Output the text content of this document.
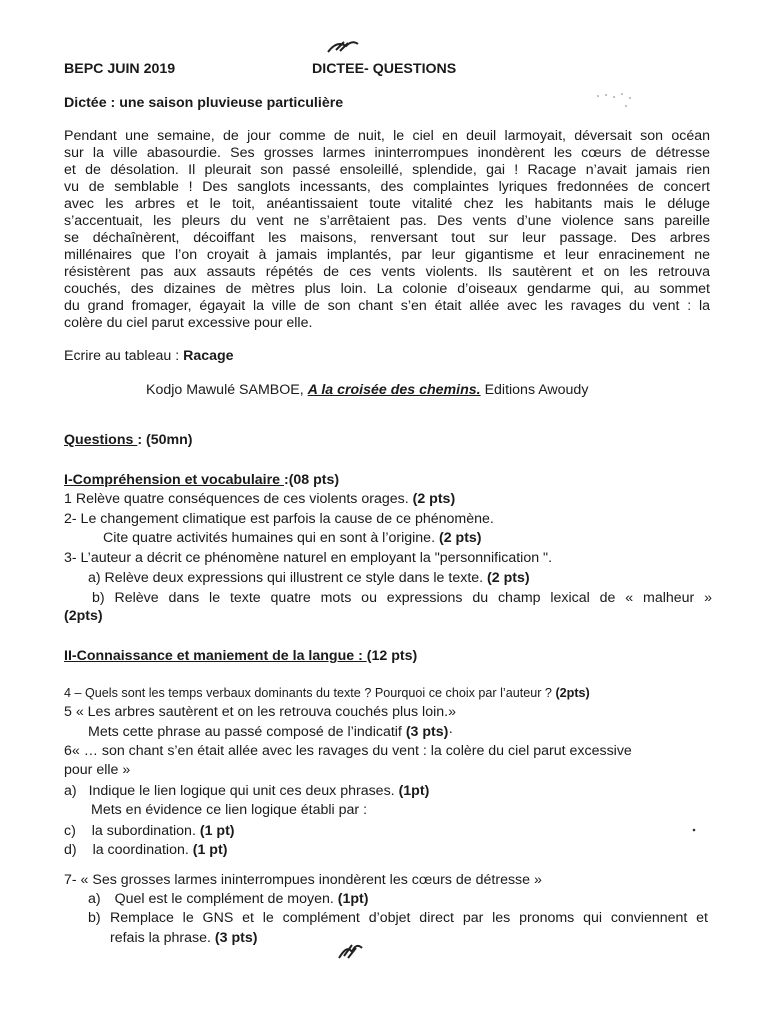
BEPC JUIN 2019	DICTEE- QUESTIONS
Dictée : une saison pluvieuse particulière
Pendant une semaine, de jour comme de nuit, le ciel en deuil larmoyait, déversait son océan
sur la ville abasourdie. Ses grosses larmes ininterrompues inondèrent les cœurs de détresse
et de désolation. Il pleurait son passé ensoleillé, splendide, gai ! Racage n’avait jamais rien
vu de semblable ! Des sanglots incessants, des complaintes lyriques fredonnées de concert
avec les arbres et le toit, anéantissaient toute vitalité chez les habitants mais le déluge
s’accentuait, les pleurs du vent ne s’arrêtaient pas. Des vents d’une violence sans pareille
se déchaînèrent, décoiffant les maisons, renversant tout sur leur passage. Des arbres
millénaires que l’on croyait à jamais implantés, par leur gigantisme et leur enracinement ne
résistèrent pas aux assauts répétés de ces vents violents. Ils sautèrent et on les retrouva
couchés, des dizaines de mètres plus loin. La colonie d’oiseaux gendarme qui, au sommet
du grand fromager, égayait la ville de son chant s’en était allée avec les ravages du vent : la
colère du ciel parut excessive pour elle.
Ecrire au tableau : Racage
Kodjo Mawulé SAMBOE, A la croisée des chemins. Editions Awoudy
Questions : (50mn)
I-Compréhension et vocabulaire :(08 pts)
1 Relève quatre conséquences de ces violents orages. (2 pts)
2- Le changement climatique est parfois la cause de ce phénomène.
Cite quatre activités humaines qui en sont à l’origine. (2 pts)
3- L’auteur a décrit ce phénomène naturel en employant la "personnification ".
a) Relève deux expressions qui illustrent ce style dans le texte. (2 pts)
b) Relève dans le texte quatre mots ou expressions du champ lexical de « malheur »
(2pts)
II-Connaissance et maniement de la langue : (12 pts)
4 – Quels sont les temps verbaux dominants du texte ? Pourquoi ce choix par l’auteur ? (2pts)
5 « Les arbres sautèrent et on les retrouva couchés plus loin.»
Mets cette phrase au passé composé de l’indicatif (3 pts)·
6« … son chant s’en était allée avec les ravages du vent : la colère du ciel parut excessive
pour elle »
a) Indique le lien logique qui unit ces deux phrases. (1pt)
Mets en évidence ce lien logique établi par :
c) la subordination. (1 pt)
d) la coordination. (1 pt)
7- « Ses grosses larmes ininterrompues inondèrent les cœurs de détresse »
a) Quel est le complément de moyen. (1pt)
b) Remplace le GNS et le complément d’objet direct par les pronoms qui conviennent et
refais la phrase. (3 pts)
